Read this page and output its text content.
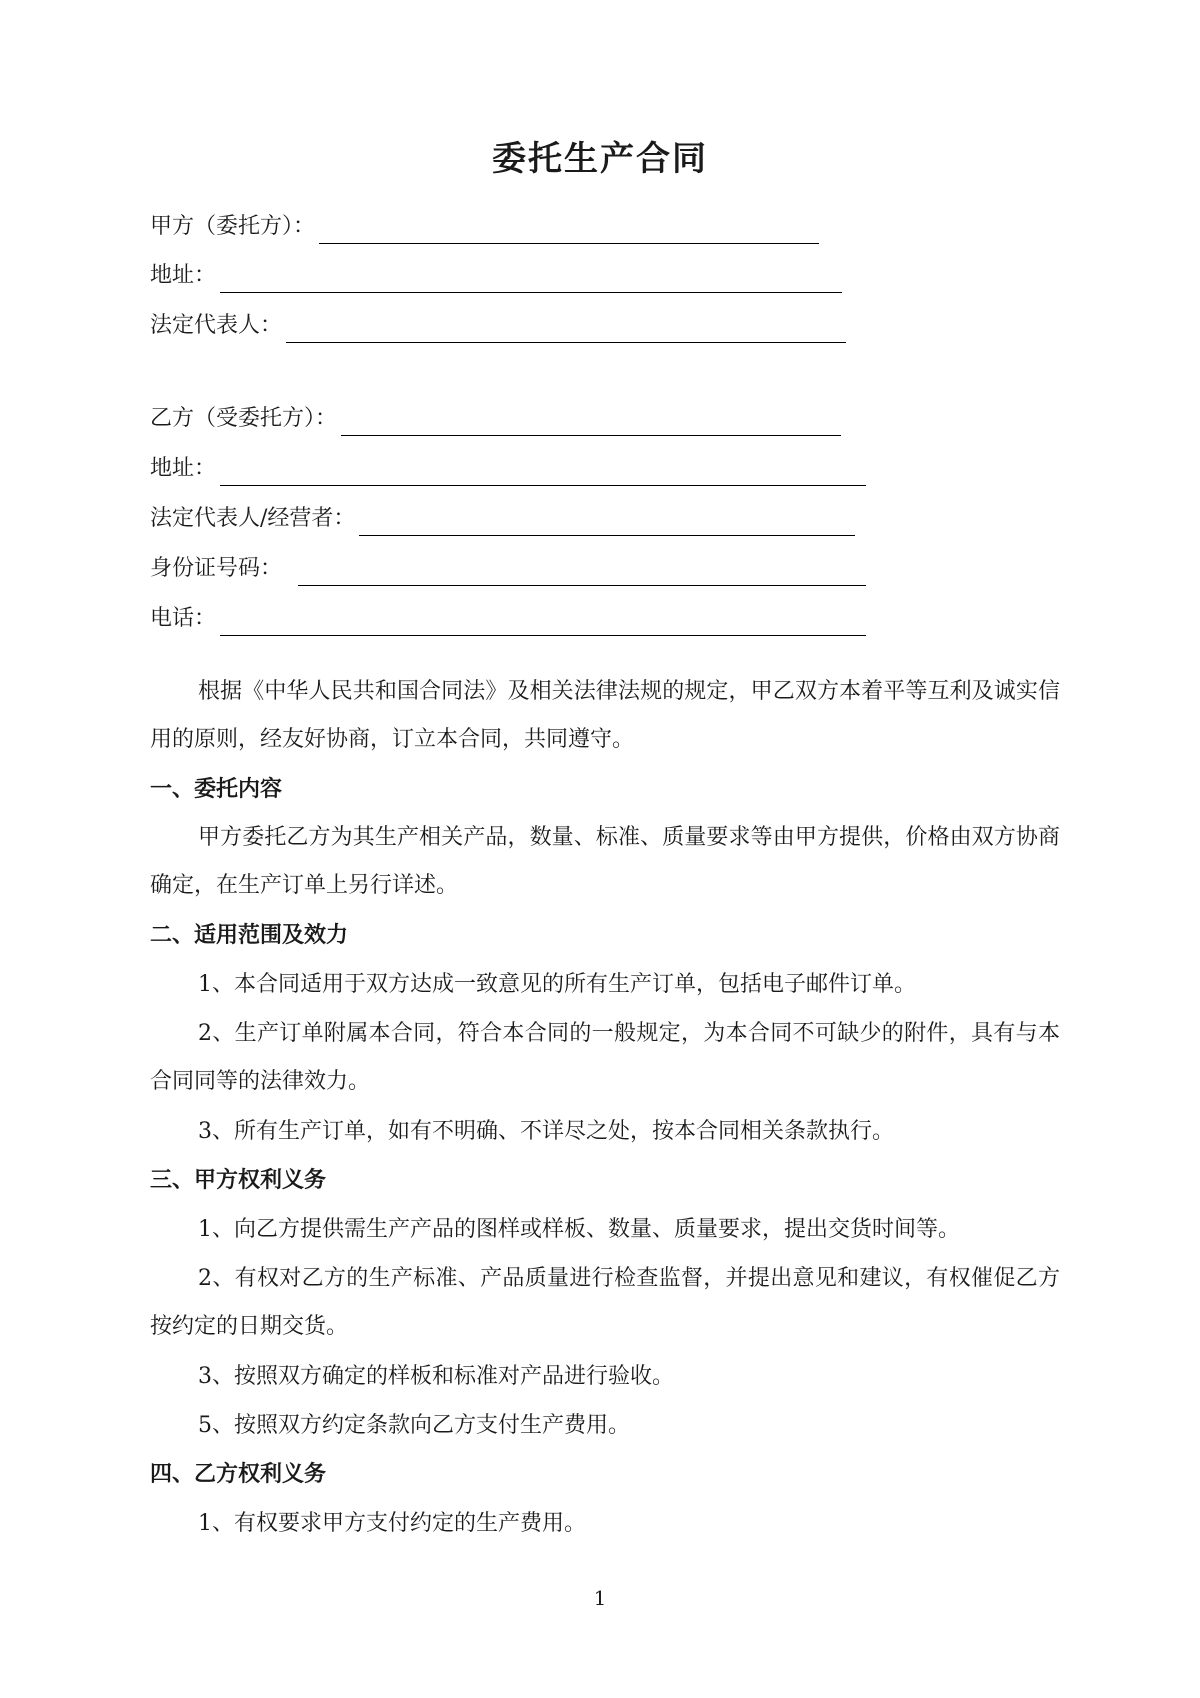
委托生产合同
甲方（委托方）：
地址：
法定代表人：
乙方（受委托方）：
地址：
法定代表人/经营者：
身份证号码：
电话：

根据《中华人民共和国合同法》及相关法律法规的规定，甲乙双方本着平等互利及诚实信用的原则，经友好协商，订立本合同，共同遵守。

一、委托内容

甲方委托乙方为其生产相关产品，数量、标准、质量要求等由甲方提供，价格由双方协商确定，在生产订单上另行详述。

二、适用范围及效力

1、本合同适用于双方达成一致意见的所有生产订单，包括电子邮件订单。

2、生产订单附属本合同，符合本合同的一般规定，为本合同不可缺少的附件，具有与本合同同等的法律效力。

3、所有生产订单，如有不明确、不详尽之处，按本合同相关条款执行。

三、甲方权利义务

1、向乙方提供需生产产品的图样或样板、数量、质量要求，提出交货时间等。

2、有权对乙方的生产标准、产品质量进行检查监督，并提出意见和建议，有权催促乙方按约定的日期交货。

3、按照双方确定的样板和标准对产品进行验收。

5、按照双方约定条款向乙方支付生产费用。

四、乙方权利义务

1、有权要求甲方支付约定的生产费用。

1
